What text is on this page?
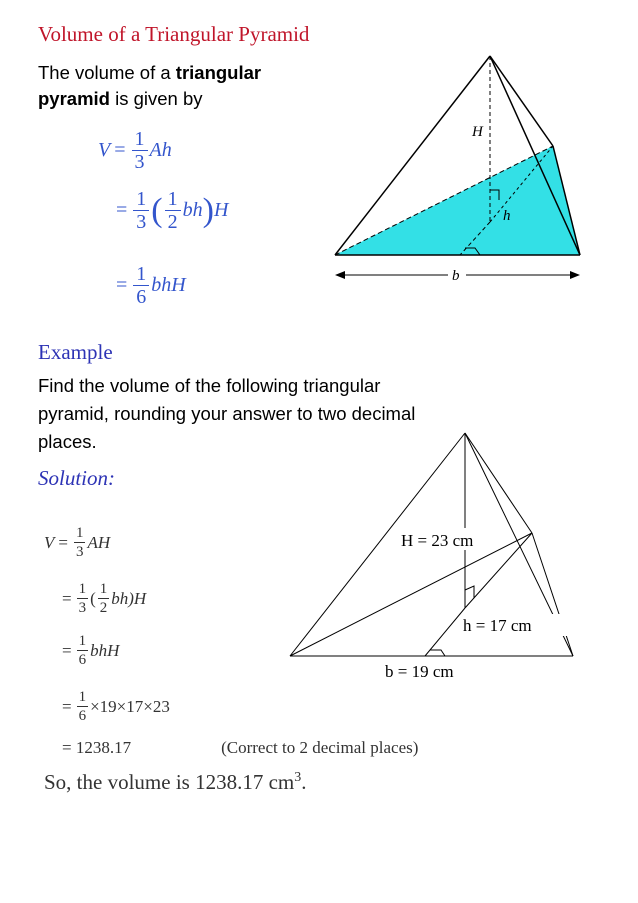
Volume of a Triangular Pyramid
The volume of a triangular pyramid is given by
$V = \frac{1}{3}$ Ah
= $\frac{1}{3}$ ( $\frac{1}{2}$ bh ) H
= $\frac{1}{6}$ bhH	b
H
h
Example
Find the volume of the following triangular pyramid, rounding your answer to two decimal places.
Solution:
H = 23 cm
h = 17 cm
b = 19 cm
$V = \frac{1}{3}$ AH
= $\frac{1}{3}$ ( $\frac{1}{2} bh)H$
= $\frac{1}{6}$ bhH
= $\frac{1}{6} \times 19\times 17\times 23$
= 1238.17	(Correct to 2 decimal places)
So, the volume is 1238.17 $cm^3$.
